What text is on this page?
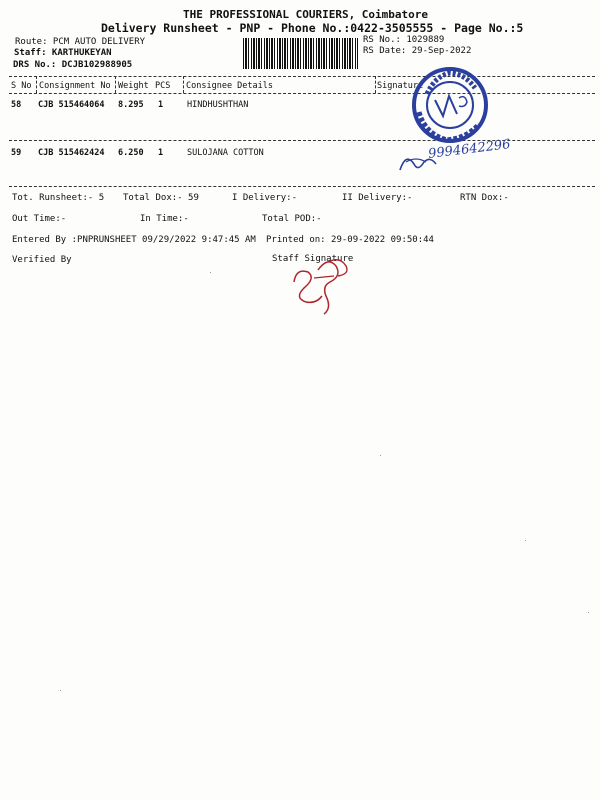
THE PROFESSIONAL COURIERS, Coimbatore
Delivery Runsheet - PNP - Phone No.:0422-3505555 - Page No.:5
Route: PCM AUTO DELIVERY
Staff: KARTHUKEYAN
DRS No.: DCJB102988905
RS No.: 1029889
RS Date: 29-Sep-2022
S No Consignment No Weight PCS Consignee Details	Signature
58 CJB 515464064 8.295 1	HINDHUSHTHAN
59 CJB 515462424 6.250 1	SULOJANA COTTON	9994642296
Tot. Runsheet:- 5 Total Dox:- 59	I Delivery:-	II Delivery:-	RTN Dox:-
Out Time:-	In Time:-	Total POD:-
Entered By :PNPRUNSHEET 09/29/2022 9:47:45 AM Printed on: 29-09-2022 09:50:44
Verified By	Staff Signature
